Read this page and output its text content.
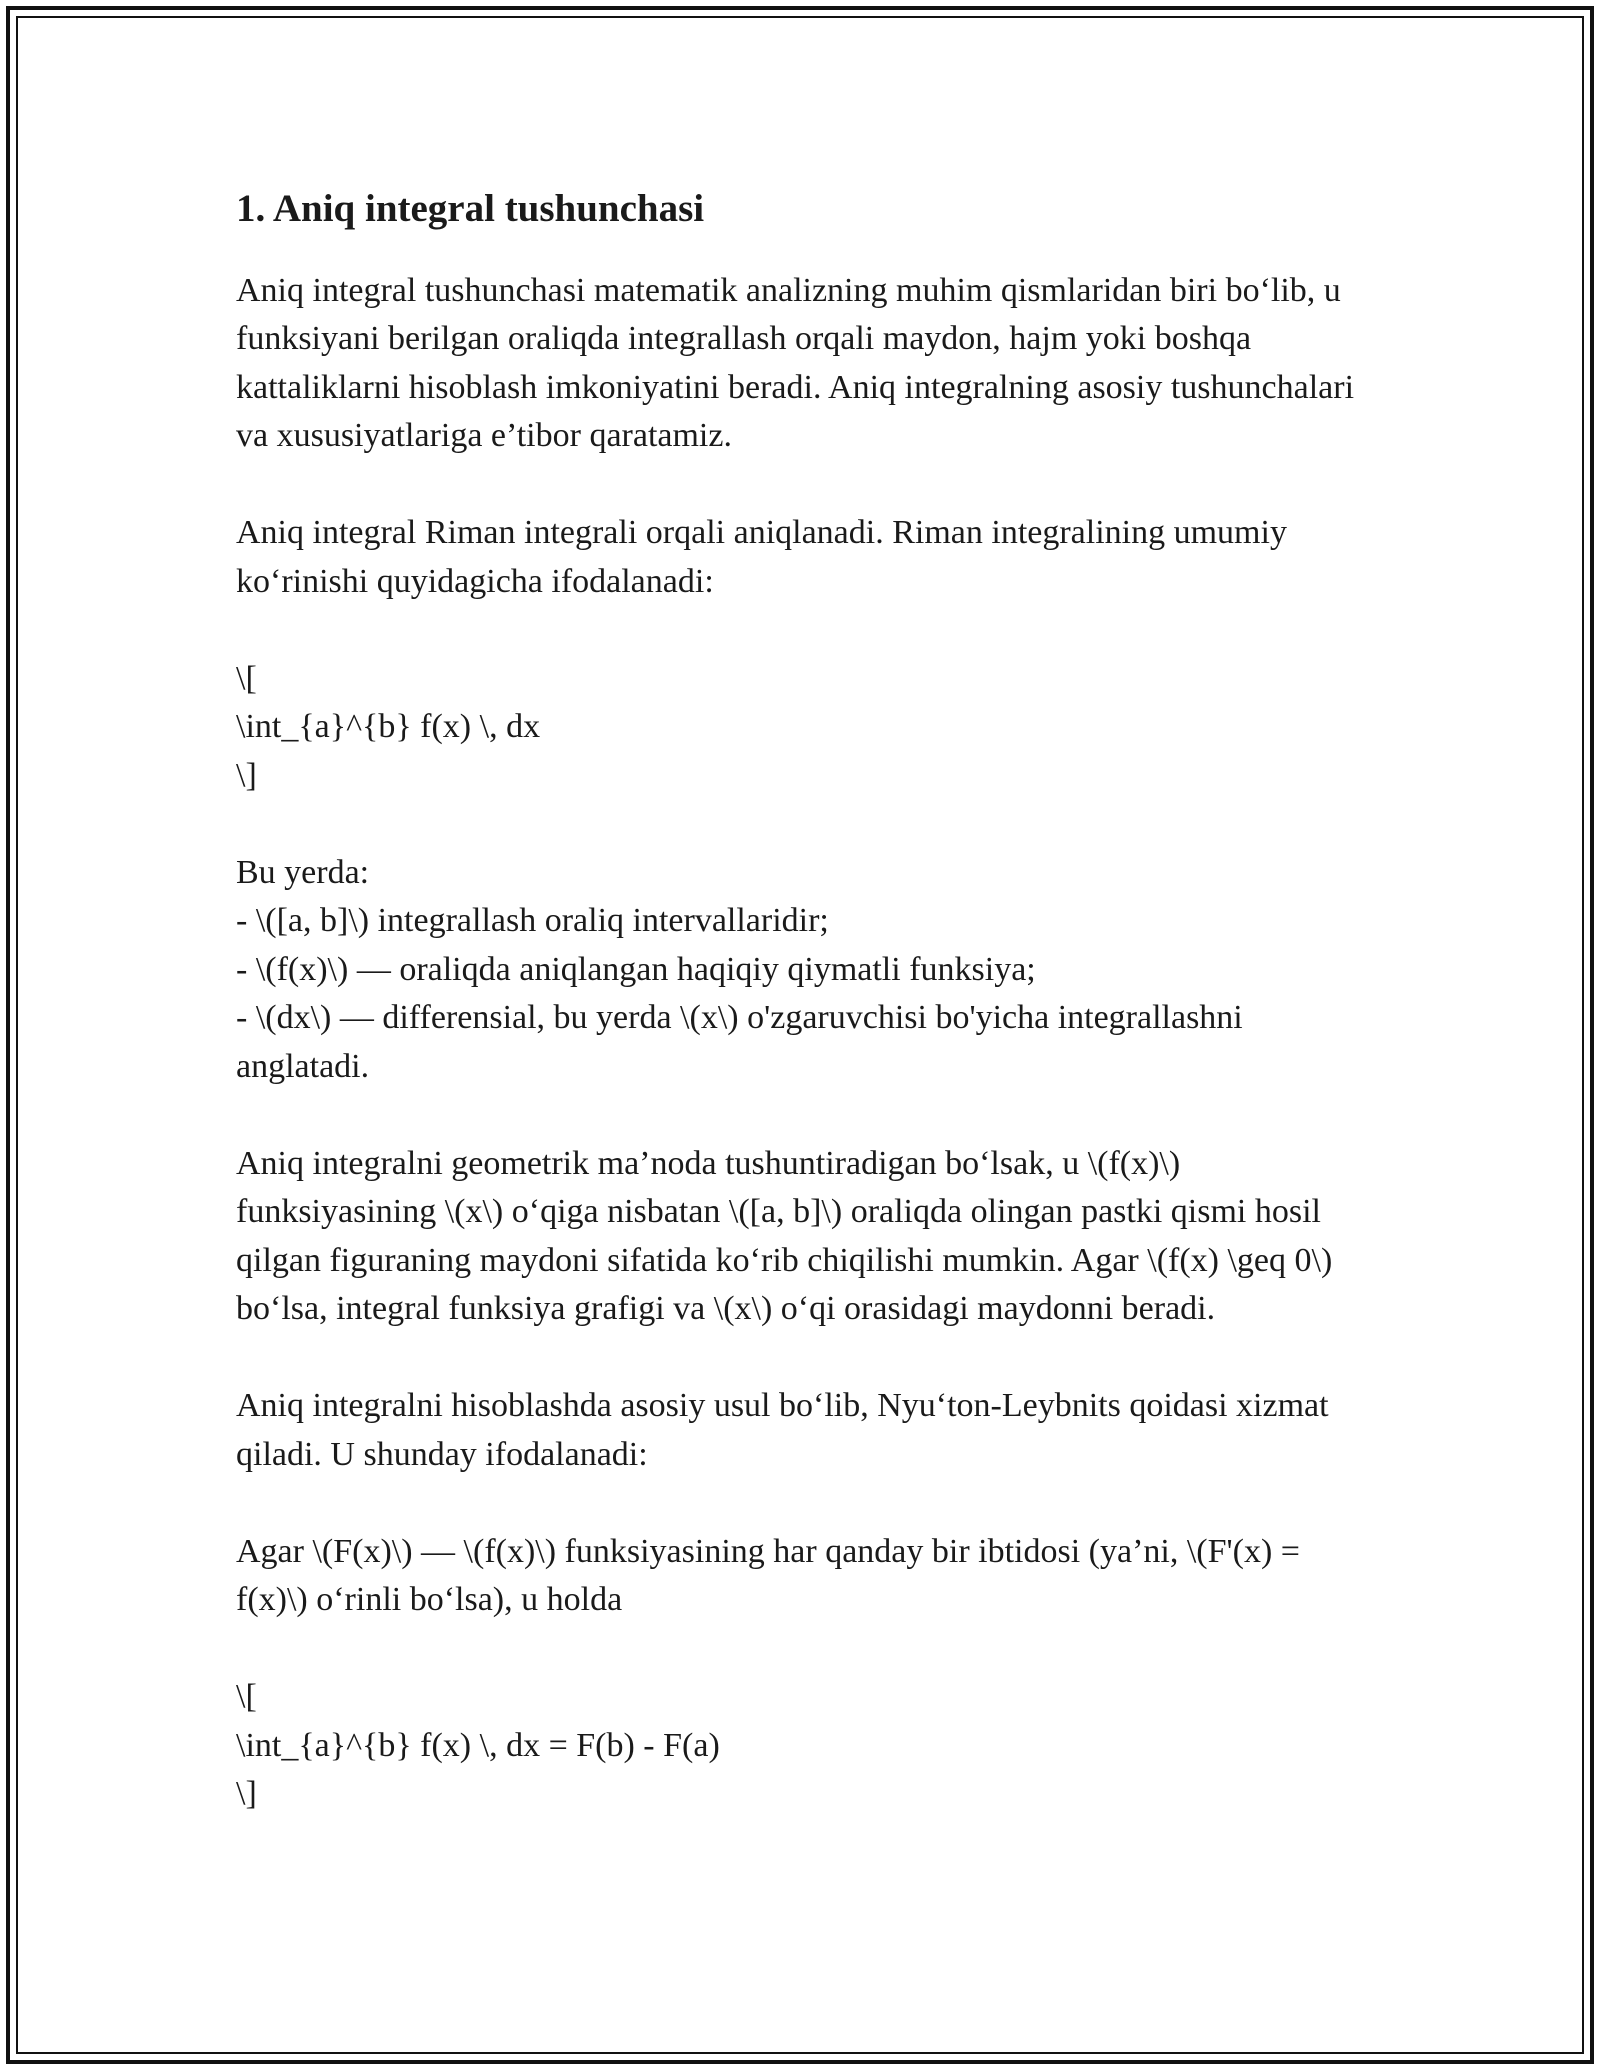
1. Aniq integral tushunchasi
Aniq integral tushunchasi matematik analizning muhim qismlaridan biri bo‘lib, u funksiyani berilgan oraliqda integrallash orqali maydon, hajm yoki boshqa kattaliklarni hisoblash imkoniyatini beradi. Aniq integralning asosiy tushunchalari va xususiyatlariga e’tibor qaratamiz.
Aniq integral Riman integrali orqali aniqlanadi. Riman integralining umumiy ko‘rinishi quyidagicha ifodalanadi:
\[
\int_{a}^{b} f(x) \, dx
\]
Bu yerda:
- \([a, b]\) integrallash oraliq intervallaridir;
- \(f(x)\) — oraliqda aniqlangan haqiqiy qiymatli funksiya;
- \(dx\) — differensial, bu yerda \(x\) o'zgaruvchisi bo'yicha integrallashni anglatadi.
Aniq integralni geometrik ma’noda tushuntiradigan bo‘lsak, u \(f(x)\) funksiyasining \(x\) o‘qiga nisbatan \([a, b]\) oraliqda olingan pastki qismi hosil qilgan figuraning maydoni sifatida ko‘rib chiqilishi mumkin. Agar \(f(x) \geq 0\) bo‘lsa, integral funksiya grafigi va \(x\) o‘qi orasidagi maydonni beradi.
Aniq integralni hisoblashda asosiy usul bo‘lib, Nyu‘ton-Leybnits qoidasi xizmat qiladi. U shunday ifodalanadi:
Agar \(F(x)\) — \(f(x)\) funksiyasining har qanday bir ibtidosi (ya’ni, \(F'(x) = f(x)\) o‘rinli bo‘lsa), u holda
\[
\int_{a}^{b} f(x) \, dx = F(b) - F(a)
\]
